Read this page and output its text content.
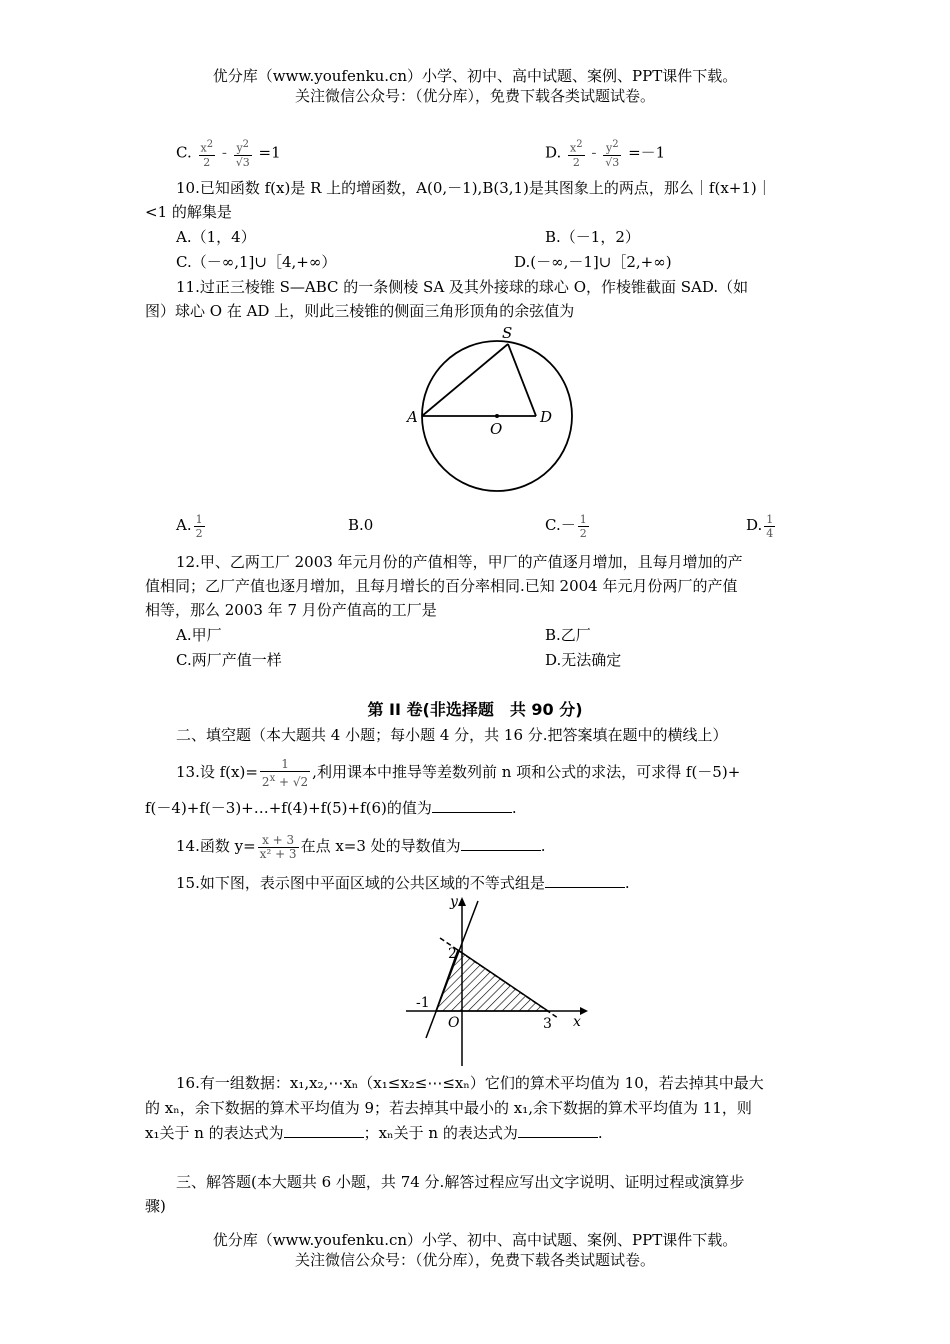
优分库（www.youfenku.cn）小学、初中、高中试题、案例、PPT课件下载。
关注微信公众号：（优分库），免费下载各类试题试卷。
C. $\frac{x^2}{2} - \frac{y^2}{√3} =1$	D. $\frac{x^2}{2} - \frac{y^2}{√3} =-1$
10.已知函数 f(x)是 R 上的增函数，A(0,－1),B(3,1)是其图象上的两点，那么｜f(x+1)｜
<1 的解集是
A.（1，4）	B.（－1，2）
C.（－∞,1]∪［4,+∞）	D.(－∞,－1]∪［2,+∞)
11.过正三棱锥 S—ABC 的一条侧棱 SA 及其外接球的球心 O，作棱锥截面 SAD.（如
图）球心 O 在 AD 上，则此三棱锥的侧面三角形顶角的余弦值为
S
A
O
D
A. $\frac{1}{2}$	B.0	$C.- \frac{1}{2}$	D. $\frac{1}{4}$
12.甲、乙两工厂 2003 年元月份的产值相等，甲厂的产值逐月增加，且每月增加的产
值相同；乙厂产值也逐月增加，且每月增长的百分率相同.已知 2004 年元月份两厂的产值
相等，那么 2003 年 7 月份产值高的工厂是
A.甲厂	B.乙厂
C.两厂产值一样	D.无法确定
第 II 卷(非选择题　共 90 分)
二、填空题（本大题共 4 小题；每小题 4 分，共 16 分.把答案填在题中的横线上）
13.设 $f(x)= \frac{1}{2^x + √2}$ ,利用课本中推导等差数列前 n 项和公式的求法，可求得 f(－5)+
f(－4)+f(－3)+…+f(4)+f(5)+f(6)的值为	.
14.函数 $y= \frac{x + 3}{\text{x² + 3}}$ 在点 x=3 处的导数值为	.
15.如下图，表示图中平面区域的公共区域的不等式组是	.
y
x
2
-1
O	3
16.有一组数据：x₁,x₂,⋯xₙ（x₁≤x₂≤⋯≤xₙ）它们的算术平均值为 10，若去掉其中最大
的 xₙ，余下数据的算术平均值为 9；若去掉其中最小的 x₁,余下数据的算术平均值为 11，则
x₁关于 n 的表达式为	；xₙ关于 n 的表达式为	.
三、解答题(本大题共 6 小题，共 74 分.解答过程应写出文字说明、证明过程或演算步
骤)
优分库（www.youfenku.cn）小学、初中、高中试题、案例、PPT课件下载。
关注微信公众号：（优分库），免费下载各类试题试卷。
